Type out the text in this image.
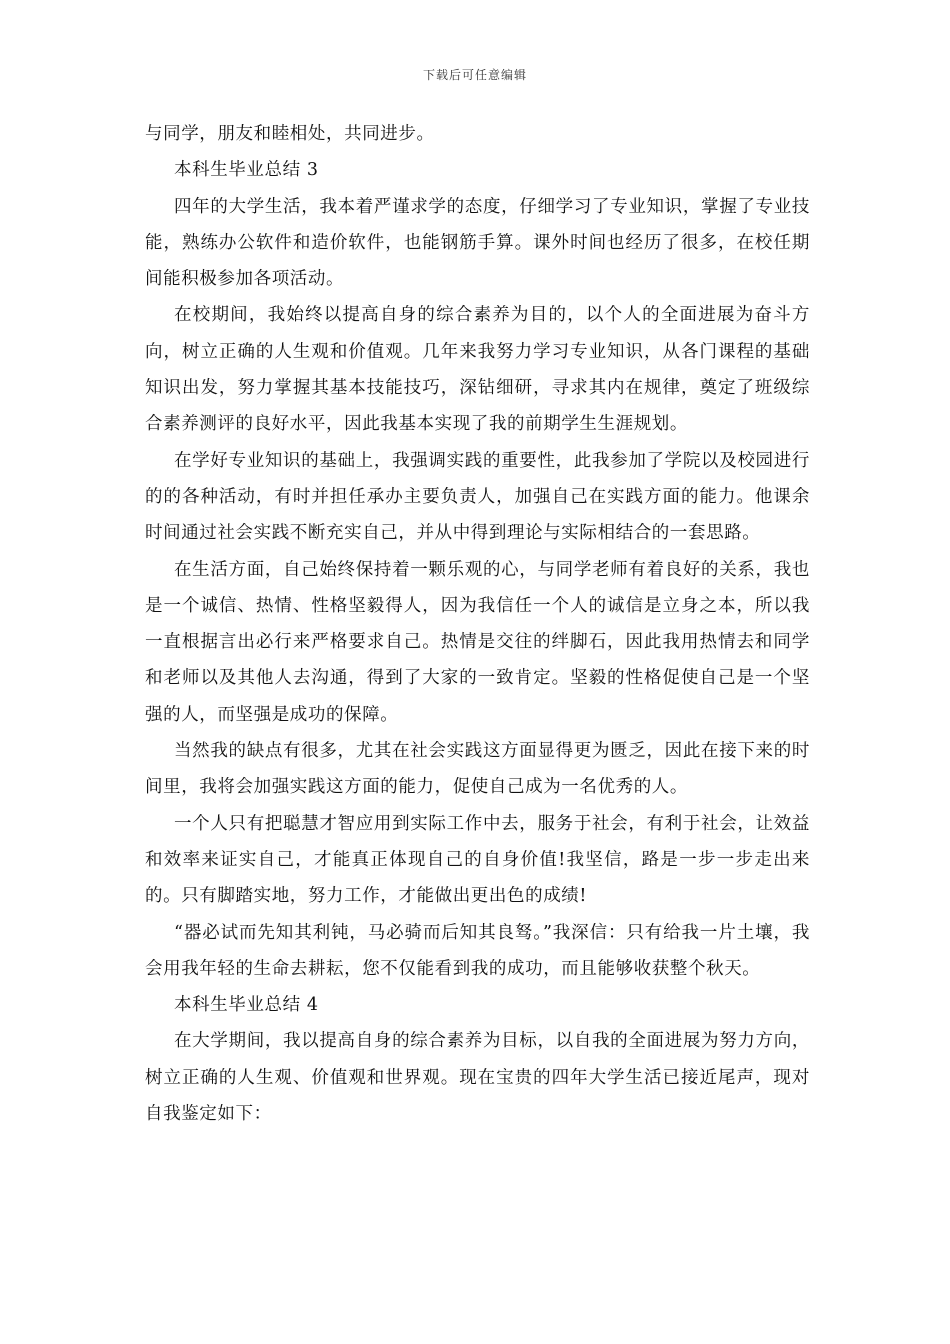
下载后可任意编辑

与同学，朋友和睦相处，共同进步。

本科生毕业总结 3

四年的大学生活，我本着严谨求学的态度，仔细学习了专业知识，掌握了专业技能，熟练办公软件和造价软件，也能钢筋手算。课外时间也经历了很多，在校任期间能积极参加各项活动。

在校期间，我始终以提高自身的综合素养为目的，以个人的全面进展为奋斗方向，树立正确的人生观和价值观。几年来我努力学习专业知识，从各门课程的基础知识出发，努力掌握其基本技能技巧，深钻细研，寻求其内在规律，奠定了班级综合素养测评的良好水平，因此我基本实现了我的前期学生生涯规划。

在学好专业知识的基础上，我强调实践的重要性，此我参加了学院以及校园进行的的各种活动，有时并担任承办主要负责人，加强自己在实践方面的能力。他课余时间通过社会实践不断充实自己，并从中得到理论与实际相结合的一套思路。

在生活方面，自己始终保持着一颗乐观的心，与同学老师有着良好的关系，我也是一个诚信、热情、性格坚毅得人，因为我信任一个人的诚信是立身之本，所以我一直根据言出必行来严格要求自己。热情是交往的绊脚石，因此我用热情去和同学和老师以及其他人去沟通，得到了大家的一致肯定。坚毅的性格促使自己是一个坚强的人，而坚强是成功的保障。

当然我的缺点有很多，尤其在社会实践这方面显得更为匮乏，因此在接下来的时间里，我将会加强实践这方面的能力，促使自己成为一名优秀的人。

一个人只有把聪慧才智应用到实际工作中去，服务于社会，有利于社会，让效益和效率来证实自己，才能真正体现自己的自身价值!我坚信，路是一步一步走出来的。只有脚踏实地，努力工作，才能做出更出色的成绩!

“器必试而先知其利钝，马必骑而后知其良驽。”我深信：只有给我一片土壤，我会用我年轻的生命去耕耘，您不仅能看到我的成功，而且能够收获整个秋天。

本科生毕业总结 4

在大学期间，我以提高自身的综合素养为目标，以自我的全面进展为努力方向，树立正确的人生观、价值观和世界观。现在宝贵的四年大学生活已接近尾声，现对自我鉴定如下：
